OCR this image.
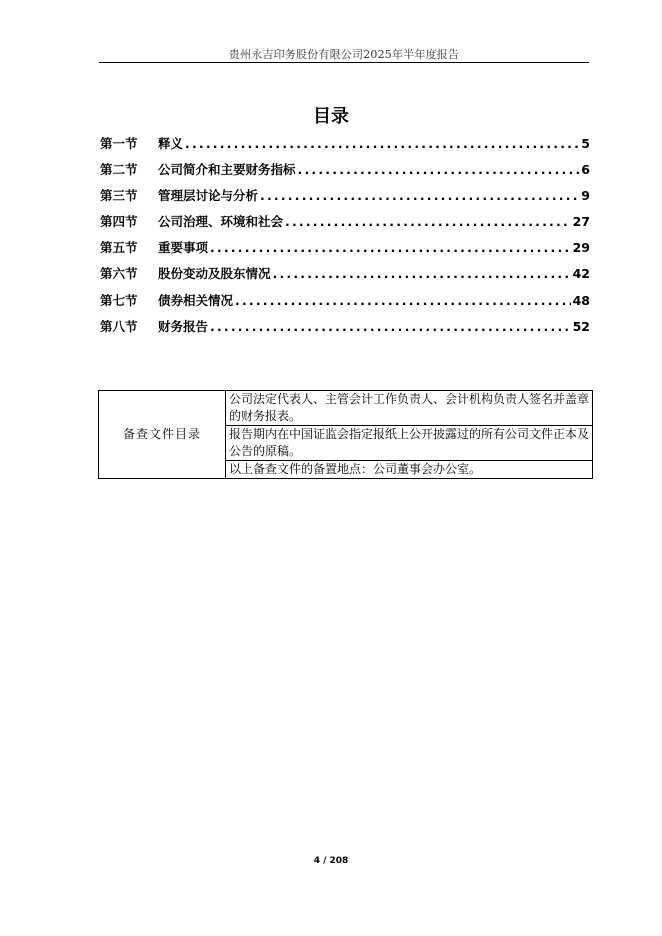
贵州永吉印务股份有限公司2025年半年度报告
目录
第一节	释义 .....	5
第二节	公司简介和主要财务指标 .....	6
第三节	管理层讨论与分析 .....	9
第四节	公司治理、环境和社会 .....	27
第五节	重要事项 .....	29
第六节	股份变动及股东情况 .....	42
第七节	债券相关情况 .....	48
第八节	财务报告 .....	52
备查文件目录	公司法定代表人、主管会计工作负责人、会计机构负责人签名并盖章的财务报表。
报告期内在中国证监会指定报纸上公开披露过的所有公司文件正本及公告的原稿。
以上备查文件的备置地点：公司董事会办公室。
4 / 208
